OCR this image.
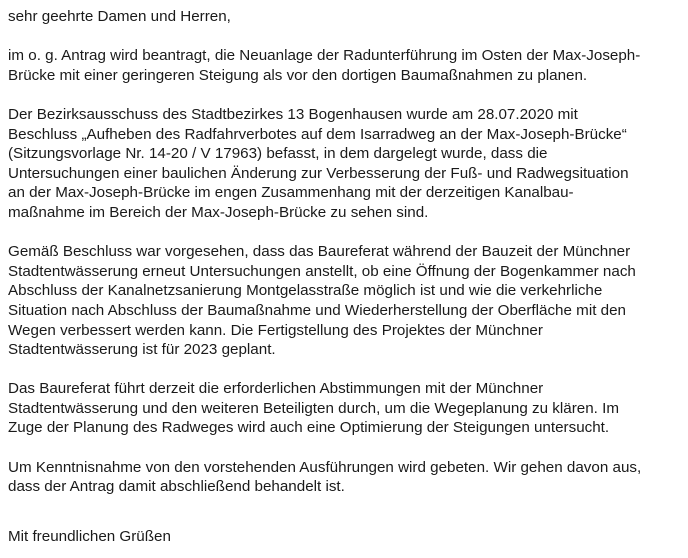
sehr geehrte Damen und Herren,
im o. g. Antrag wird beantragt, die Neuanlage der Radunterführung im Osten der Max-Joseph-
Brücke mit einer geringeren Steigung als vor den dortigen Baumaßnahmen zu planen.
Der Bezirksausschuss des Stadtbezirkes 13 Bogenhausen wurde am 28.07.2020 mit
Beschluss „Aufheben des Radfahrverbotes auf dem Isarradweg an der Max-Joseph-Brücke“
(Sitzungsvorlage Nr. 14-20 / V 17963) befasst, in dem dargelegt wurde, dass die
Untersuchungen einer baulichen Änderung zur Verbesserung der Fuß- und Radwegsituation
an der Max-Joseph-Brücke im engen Zusammenhang mit der derzeitigen Kanalbau-
maßnahme im Bereich der Max-Joseph-Brücke zu sehen sind.
Gemäß Beschluss war vorgesehen, dass das Baureferat während der Bauzeit der Münchner
Stadtentwässerung erneut Untersuchungen anstellt, ob eine Öffnung der Bogenkammer nach
Abschluss der Kanalnetzsanierung Montgelasstraße möglich ist und wie die verkehrliche
Situation nach Abschluss der Baumaßnahme und Wiederherstellung der Oberfläche mit den
Wegen verbessert werden kann. Die Fertigstellung des Projektes der Münchner
Stadtentwässerung ist für 2023 geplant.
Das Baureferat führt derzeit die erforderlichen Abstimmungen mit der Münchner
Stadtentwässerung und den weiteren Beteiligten durch, um die Wegeplanung zu klären. Im
Zuge der Planung des Radweges wird auch eine Optimierung der Steigungen untersucht.
Um Kenntnisnahme von den vorstehenden Ausführungen wird gebeten. Wir gehen davon aus,
dass der Antrag damit abschließend behandelt ist.
Mit freundlichen Grüßen
